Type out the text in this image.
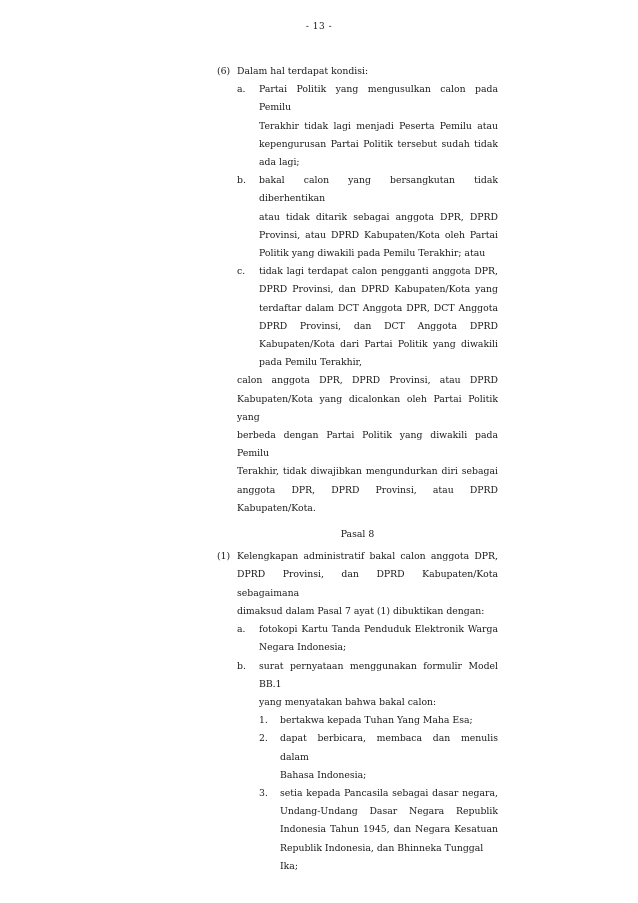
- 13 -
(6) Dalam hal terdapat kondisi:
a. Partai Politik yang mengusulkan calon pada Pemilu
Terakhir tidak lagi menjadi Peserta Pemilu atau
kepengurusan Partai Politik tersebut sudah tidak
ada lagi;
b. bakal calon yang bersangkutan tidak diberhentikan
atau tidak ditarik sebagai anggota DPR, DPRD
Provinsi, atau DPRD Kabupaten/Kota oleh Partai
Politik yang diwakili pada Pemilu Terakhir; atau
c. tidak lagi terdapat calon pengganti anggota DPR,
DPRD Provinsi, dan DPRD Kabupaten/Kota yang
terdaftar dalam DCT Anggota DPR, DCT Anggota
DPRD Provinsi, dan DCT Anggota DPRD
Kabupaten/Kota dari Partai Politik yang diwakili
pada Pemilu Terakhir,
calon anggota DPR, DPRD Provinsi, atau DPRD
Kabupaten/Kota yang dicalonkan oleh Partai Politik yang
berbeda dengan Partai Politik yang diwakili pada Pemilu
Terakhir, tidak diwajibkan mengundurkan diri sebagai
anggota DPR, DPRD Provinsi, atau DPRD
Kabupaten/Kota.
Pasal 8
(1) Kelengkapan administratif bakal calon anggota DPR,
DPRD Provinsi, dan DPRD Kabupaten/Kota sebagaimana
dimaksud dalam Pasal 7 ayat (1) dibuktikan dengan:
a. fotokopi Kartu Tanda Penduduk Elektronik Warga
Negara Indonesia;
b. surat pernyataan menggunakan formulir Model BB.1
yang menyatakan bahwa bakal calon:
1. bertakwa kepada Tuhan Yang Maha Esa;
2. dapat berbicara, membaca dan menulis dalam
Bahasa Indonesia;
3. setia kepada Pancasila sebagai dasar negara,
Undang-Undang Dasar Negara Republik
Indonesia Tahun 1945, dan Negara Kesatuan
Republik Indonesia, dan Bhinneka Tunggal Ika;
